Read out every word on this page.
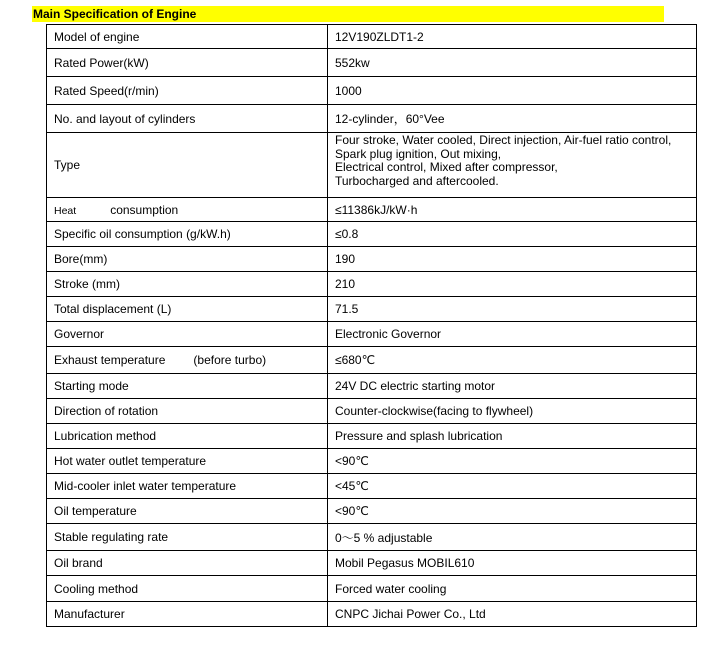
Main Specification of Engine
Model of engine	12V190ZLDT1-2
Rated Power(kW)	552kw
Rated Speed(r/min)	1000
No. and layout of cylinders	12-cylinder，60°Vee
Type	Four stroke, Water cooled, Direct injection, Air-fuel ratio control,
Spark plug ignition, Out mixing,
Electrical control, Mixed after compressor,
Turbocharged and aftercooled.

Heat consumption	≤11386kJ/kW·h
Specific oil consumption (g/kW.h)	≤0.8
Bore(mm)	190
Stroke (mm)	210
Total displacement (L)	71.5
Governor	Electronic Governor
Exhaust temperature (before turbo)	≤680℃
Starting mode	24V DC electric starting motor
Direction of rotation	Counter-clockwise(facing to flywheel)
Lubrication method	Pressure and splash lubrication
Hot water outlet temperature	<90℃
Mid-cooler inlet water temperature	<45℃
Oil temperature	<90℃
Stable regulating rate	0～5 % adjustable
Oil brand	Mobil Pegasus MOBIL610
Cooling method	Forced water cooling
Manufacturer	CNPC Jichai Power Co., Ltd
